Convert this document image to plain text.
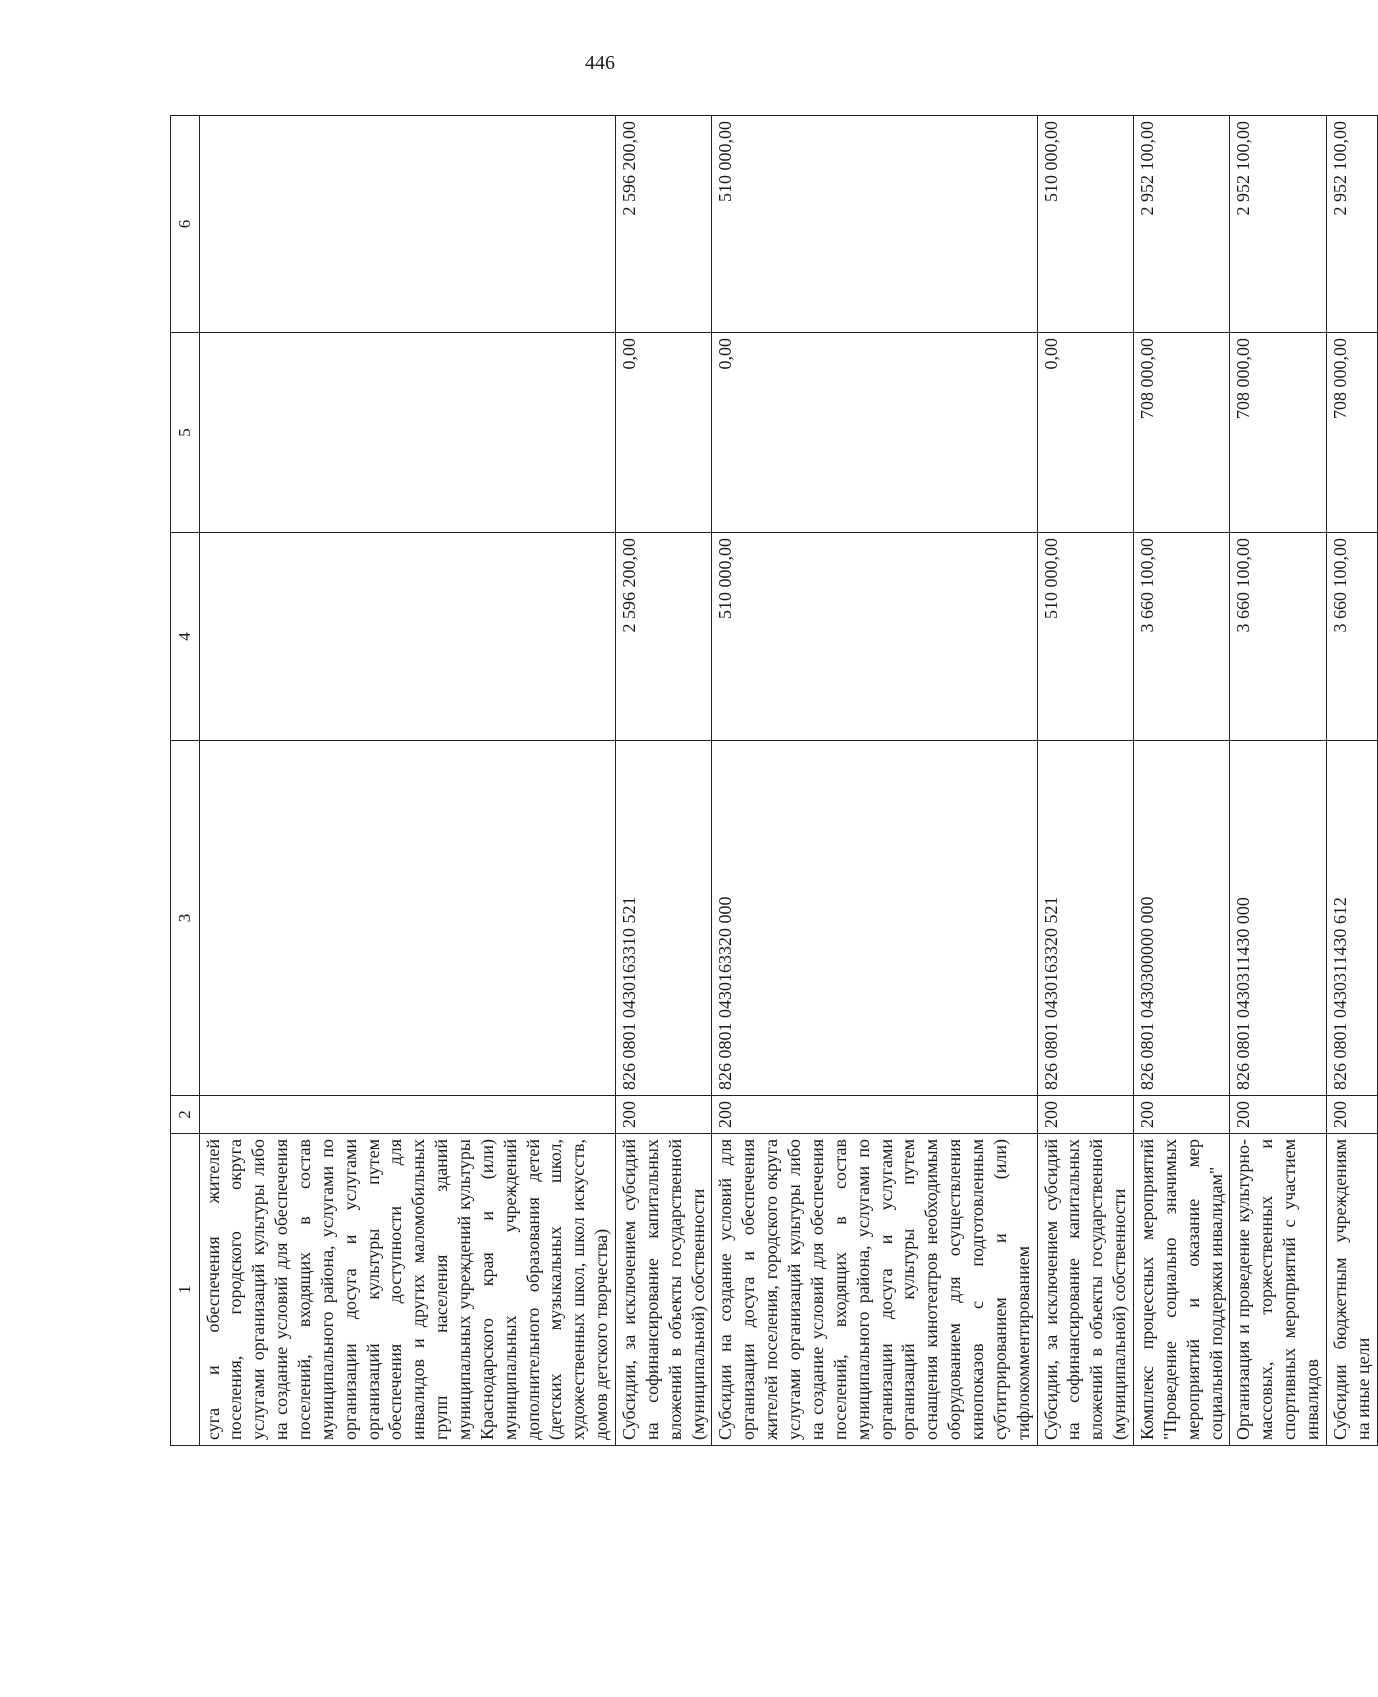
446
1	2	3	4	5	6
суга и обеспечения жителей поселения, городского округа услугами организаций культуры либо на создание условий для обеспечения поселений, входящих в состав муниципального района, услугами по организации досуга и услугами организаций культуры путем обеспечения доступности для инвалидов и других маломобильных групп населения зданий муниципальных учреждений культуры Краснодарского края и (или) муниципальных учреждений дополнительного образования детей (детских музыкальных школ, художественных школ, школ искусств, домов детского творчества)					
Субсидии, за исключением субсидий на софинансирование капитальных вложений в объекты государственной (муниципальной) собственности	200	826 0801 0430163310 521	2 596 200,00	0,00	2 596 200,00
Субсидии на создание условий для организации досуга и обеспечения жителей поселения, городского округа услугами организаций культуры либо на создание условий для обеспечения поселений, входящих в состав муниципального района, услугами по организации досуга и услугами организаций культуры путем оснащения кинотеатров необходимым оборудованием для осуществления кинопоказов с подготовленным субтитрированием и (или) тифлокомментированием	200	826 0801 0430163320 000	510 000,00	0,00	510 000,00
Субсидии, за исключением субсидий на софинансирование капитальных вложений в объекты государственной (муниципальной) собственности	200	826 0801 0430163320 521	510 000,00	0,00	510 000,00
Комплекс процессных мероприятий "Проведение социально значимых мероприятий и оказание мер социальной поддержки инвалидам"	200	826 0801 0430300000 000	3 660 100,00	708 000,00	2 952 100,00
Организация и проведение культурно-массовых, торжественных и спортивных мероприятий с участием инвалидов	200	826 0801 0430311430 000	3 660 100,00	708 000,00	2 952 100,00
Субсидии бюджетным учреждениям на иные цели	200	826 0801 0430311430 612	3 660 100,00	708 000,00	2 952 100,00
